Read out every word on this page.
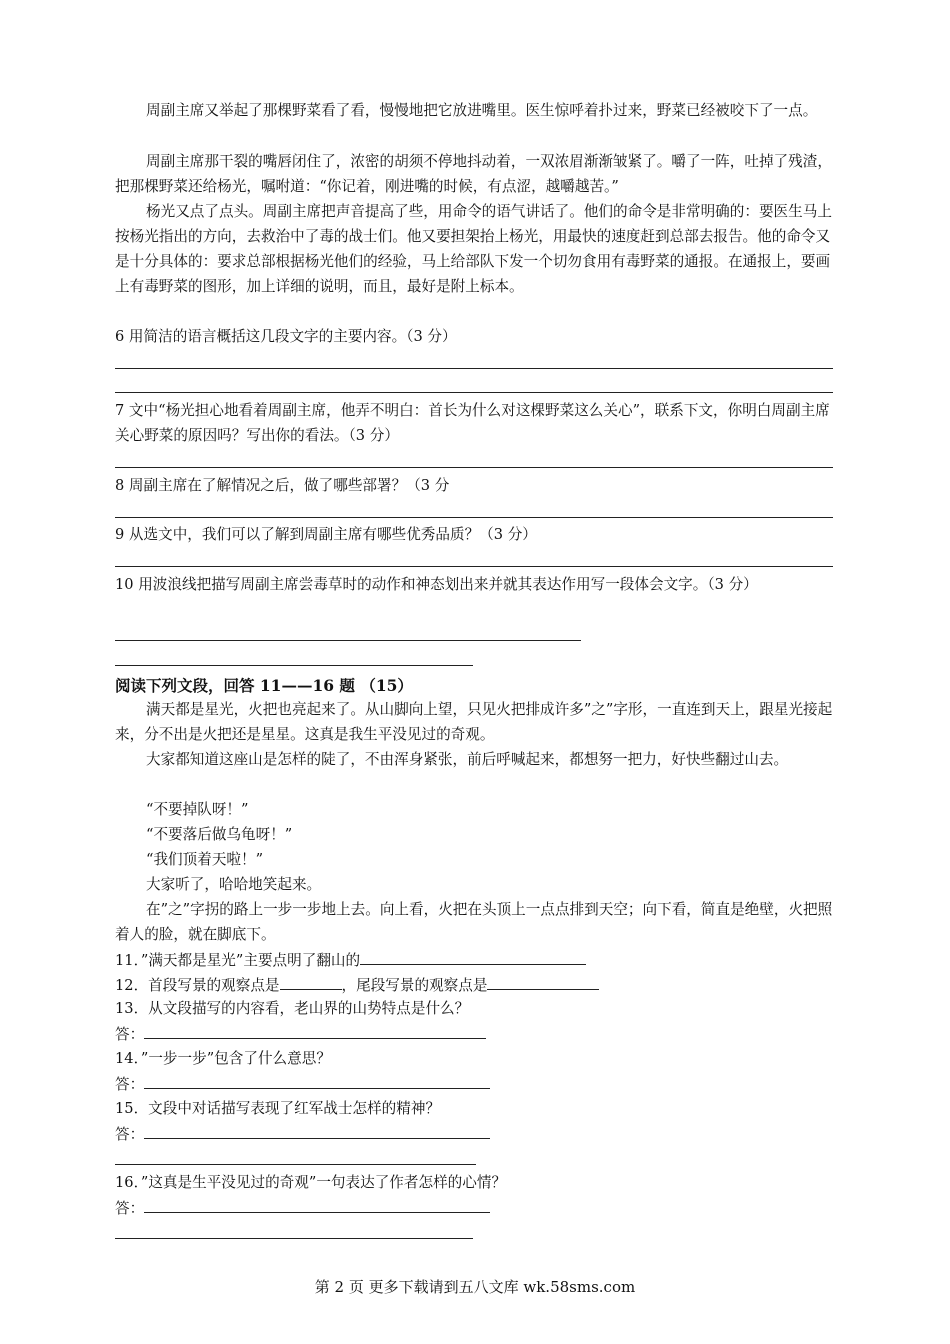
周副主席又举起了那棵野菜看了看，慢慢地把它放进嘴里。医生惊呼着扑过来，野菜已经被咬下了一点。
周副主席那干裂的嘴唇闭住了，浓密的胡须不停地抖动着，一双浓眉渐渐皱紧了。嚼了一阵，吐掉了残渣，把那棵野菜还给杨光，嘱咐道：“你记着，刚进嘴的时候，有点涩，越嚼越苦。”
杨光又点了点头。周副主席把声音提高了些，用命令的语气讲话了。他们的命令是非常明确的：要医生马上按杨光指出的方向，去救治中了毒的战士们。他又要担架抬上杨光，用最快的速度赶到总部去报告。他的命令又是十分具体的：要求总部根据杨光他们的经验，马上给部队下发一个切勿食用有毒野菜的通报。在通报上，要画上有毒野菜的图形，加上详细的说明，而且，最好是附上标本。
6 用简洁的语言概括这几段文字的主要内容。（3 分）
7 文中“杨光担心地看着周副主席，他弄不明白：首长为什么对这棵野菜这么关心”，联系下文，你明白周副主席关心野菜的原因吗？写出你的看法。（3 分）
8 周副主席在了解情况之后，做了哪些部署？（3 分
9 从选文中，我们可以了解到周副主席有哪些优秀品质？（3 分）
10 用波浪线把描写周副主席尝毒草时的动作和神态划出来并就其表达作用写一段体会文字。（3 分）
阅读下列文段，回答 11——16 题 （15）
满天都是星光，火把也亮起来了。从山脚向上望，只见火把排成许多”之”字形，一直连到天上，跟星光接起来，分不出是火把还是星星。这真是我生平没见过的奇观。
大家都知道这座山是怎样的陡了，不由浑身紧张，前后呼喊起来，都想努一把力，好快些翻过山去。
“不要掉队呀！”
“不要落后做乌龟呀！”
“我们顶着天啦！”
大家听了，哈哈地笑起来。
在”之”字拐的路上一步一步地上去。向上看，火把在头顶上一点点排到天空；向下看，简直是绝壁，火把照着人的脸，就在脚底下。
11．”满天都是星光”主要点明了翻山的
12．首段写景的观察点是	，尾段写景的观察点是
13．从文段描写的内容看，老山界的山势特点是什么？
答：
14．”一步一步”包含了什么意思？
答：
15．文段中对话描写表现了红军战士怎样的精神？
答：
16．”这真是生平没见过的奇观”一句表达了作者怎样的心情？
答：
第 2 页 更多下载请到五八文库 wk.58sms.com
